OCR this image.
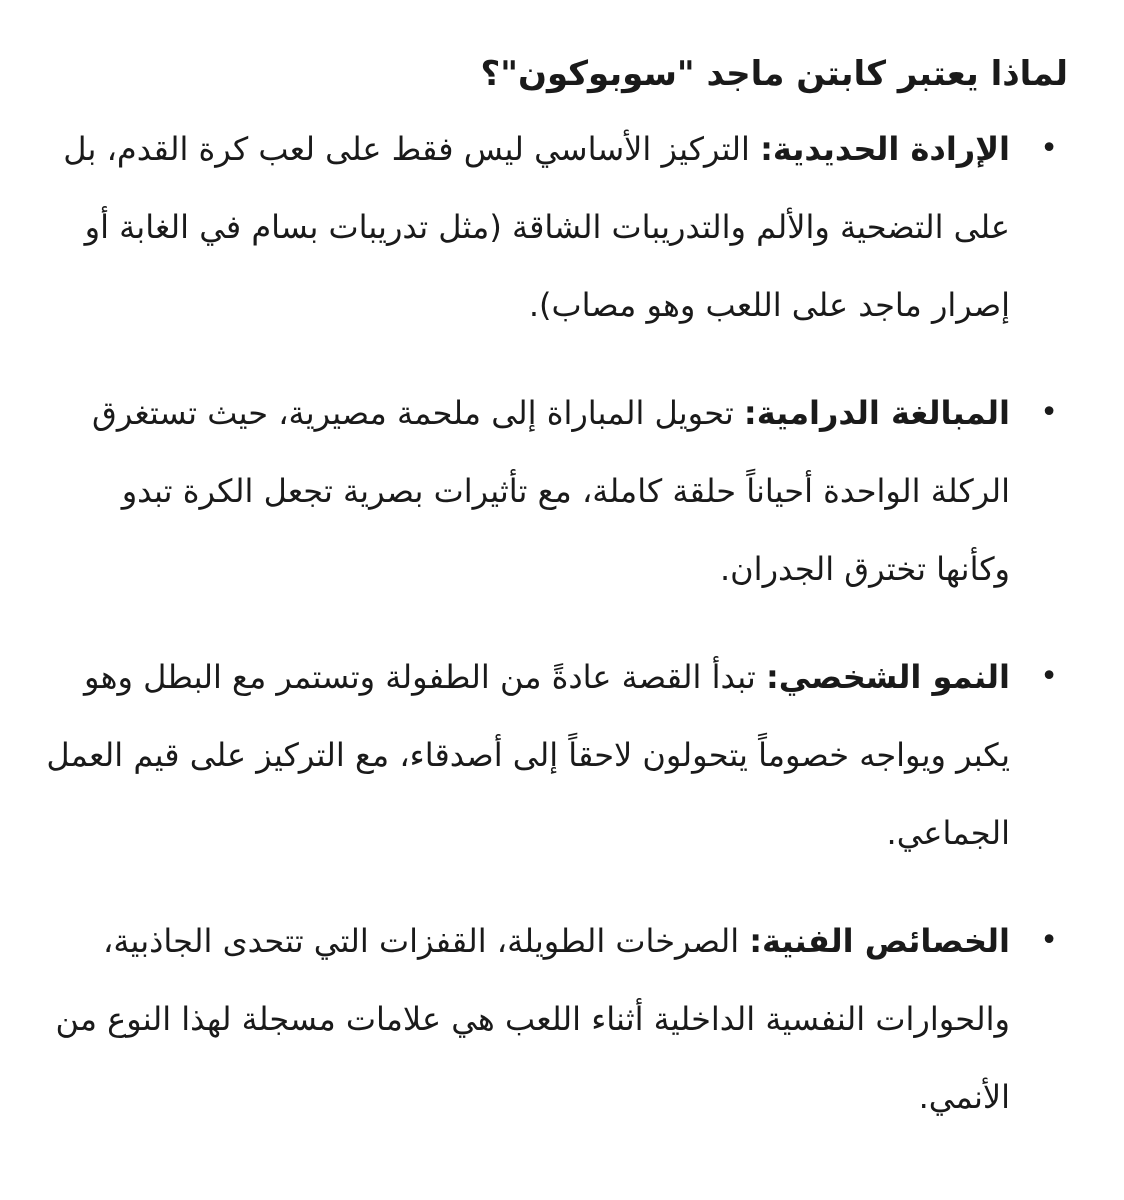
لماذا يعتبر كابتن ماجد "سوبوكون"؟
•
الإرادة الحديدية: التركيز الأساسي ليس فقط على لعب كرة القدم، بل على التضحية والألم والتدريبات الشاقة (مثل تدريبات بسام في الغابة أو إصرار ماجد على اللعب وهو مصاب).
•
المبالغة الدرامية: تحويل المباراة إلى ملحمة مصيرية، حيث تستغرق الركلة الواحدة أحياناً حلقة كاملة، مع تأثيرات بصرية تجعل الكرة تبدو وكأنها تخترق الجدران.
•
النمو الشخصي: تبدأ القصة عادةً من الطفولة وتستمر مع البطل وهو يكبر ويواجه خصوماً يتحولون لاحقاً إلى أصدقاء، مع التركيز على قيم العمل الجماعي.
•
الخصائص الفنية: الصرخات الطويلة، القفزات التي تتحدى الجاذبية، والحوارات النفسية الداخلية أثناء اللعب هي علامات مسجلة لهذا النوع من الأنمي.
